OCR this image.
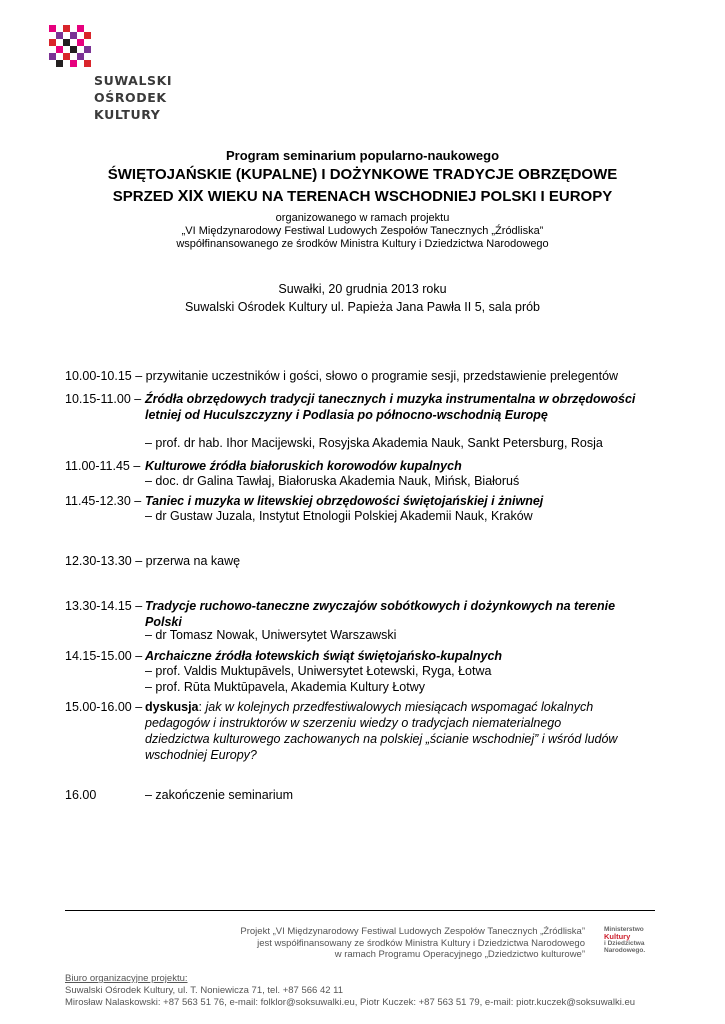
SUWALSKI
OŚRODEK
KULTURY
Program seminarium popularno-naukowego
ŚWIĘTOJAŃSKIE (KUPALNE) I DOŻYNKOWE TRADYCJE OBRZĘDOWE
SPRZED XIX WIEKU NA TERENACH WSCHODNIEJ POLSKI I EUROPY
organizowanego w ramach projektu
„VI Międzynarodowy Festiwal Ludowych Zespołów Tanecznych „Źródliska”
współfinansowanego ze środków Ministra Kultury i Dziedzictwa Narodowego
Suwałki, 20 grudnia 2013 roku
Suwalski Ośrodek Kultury ul. Papieża Jana Pawła II 5, sala prób
10.00-10.15 – przywitanie uczestników i gości, słowo o programie sesji, przedstawienie prelegentów
10.15-11.00 – Źródła obrzędowych tradycji tanecznych i muzyka instrumentalna w obrzędowości letniej od Huculszczyzny i Podlasia po północno-wschodnią Europę
– prof. dr hab. Ihor Macijewski, Rosyjska Akademia Nauk, Sankt Petersburg, Rosja
11.00-11.45 – Kulturowe źródła białoruskich korowodów kupalnych
– doc. dr Galina Tawłaj, Białoruska Akademia Nauk, Mińsk, Białoruś
11.45-12.30 – Taniec i muzyka w litewskiej obrzędowości świętojańskiej i żniwnej
– dr Gustaw Juzala, Instytut Etnologii Polskiej Akademii Nauk, Kraków
12.30-13.30 – przerwa na kawę
13.30-14.15 – Tradycje ruchowo-taneczne zwyczajów sobótkowych i dożynkowych na terenie Polski
– dr Tomasz Nowak, Uniwersytet Warszawski
14.15-15.00 – Archaiczne źródła łotewskich świąt świętojańsko-kupalnych
– prof. Valdis Muktupāvels, Uniwersytet Łotewski, Ryga, Łotwa
– prof. Rūta Muktūpavela, Akademia Kultury Łotwy
15.00-16.00 – dyskusja: jak w kolejnych przedfestiwalowych miesiącach wspomagać lokalnych pedagogów i instruktorów w szerzeniu wiedzy o tradycjach niematerialnego dziedzictwa kulturowego zachowanych na polskiej „ścianie wschodniej” i wśród ludów wschodniej Europy?
16.00	– zakończenie seminarium
Projekt „VI Międzynarodowy Festiwal Ludowych Zespołów Tanecznych „Źródliska”
jest współfinansowany ze środków Ministra Kultury i Dziedzictwa Narodowego
w ramach Programu Operacyjnego „Dziedzictwo kulturowe”
Ministerstwo
Kultury
i Dziedzictwa
Narodowego.
Biuro organizacyjne projektu:
Suwalski Ośrodek Kultury, ul. T. Noniewicza 71, tel. +87 566 42 11
Mirosław Nalaskowski: +87 563 51 76, e-mail: folklor@soksuwalki.eu, Piotr Kuczek: +87 563 51 79, e-mail: piotr.kuczek@soksuwalki.eu
